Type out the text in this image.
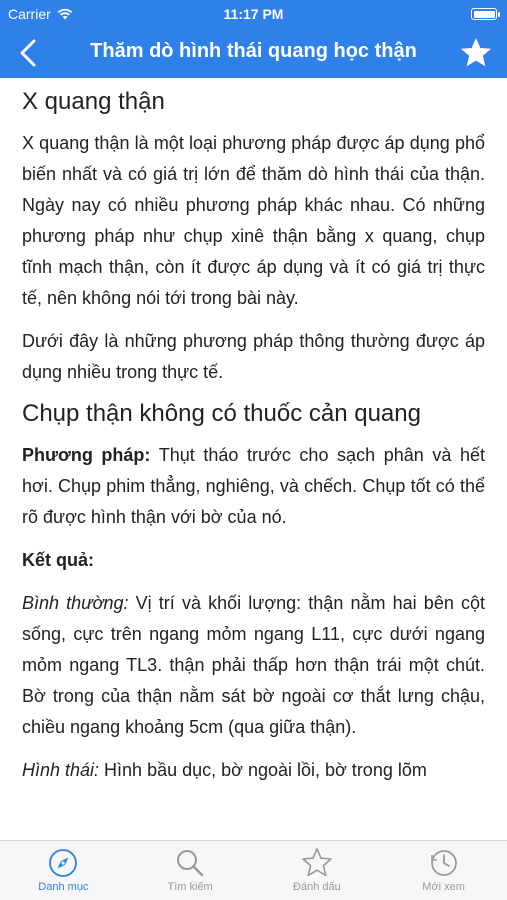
Carrier	11:17 PM
Thăm dò hình thái quang học thận
X quang thận

X quang thận là một loại phương pháp được áp dụng phổ biến nhất và có giá trị lớn để thăm dò hình thái của thận. Ngày nay có nhiều phương pháp khác nhau. Có những phương pháp như chụp xinê thận bằng x quang, chụp tĩnh mạch thận, còn ít được áp dụng và ít có giá trị thực tế, nên không nói tới trong bài này.

Dưới đây là những phương pháp thông thường được áp dụng nhiều trong thực tế.

Chụp thận không có thuốc cản quang

Phương pháp: Thụt tháo trước cho sạch phân và hết hơi. Chụp phim thẳng, nghiêng, và chếch. Chụp tốt có thể rõ được hình thận với bờ của nó.

Kết quả:

Bình thường: Vị trí và khối lượng: thận nằm hai bên cột sống, cực trên ngang mỏm ngang L11, cực dưới ngang mỏm ngang TL3. thận phải thấp hơn thận trái một chút. Bờ trong của thận nằm sát bờ ngoài cơ thắt lưng chậu, chiều ngang khoảng 5cm (qua giữa thận).

Hình thái: Hình bầu dục, bờ ngoài lồi, bờ trong lõm

Danh mục	Tìm kiếm	Đánh dấu	Mới xem
